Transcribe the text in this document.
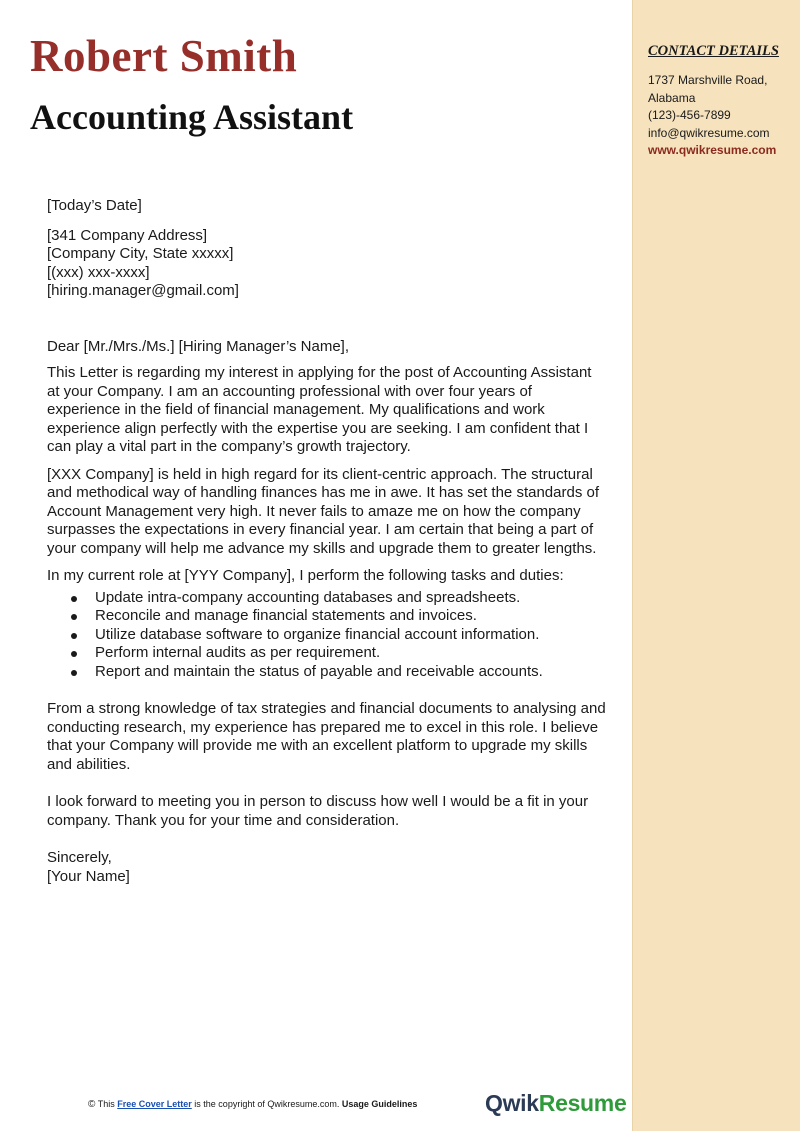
CONTACT DETAILS
1737 Marshville Road,
Alabama
(123)-456-7899
info@qwikresume.com
www.qwikresume.com
Robert Smith
Accounting Assistant

[Today’s Date]

[341 Company Address]
[Company City, State xxxxx]
[(xxx) xxx-xxxx]
[hiring.manager@gmail.com]

Dear [Mr./Mrs./Ms.] [Hiring Manager’s Name],

This Letter is regarding my interest in applying for the post of Accounting Assistant at your Company. I am an accounting professional with over four years of experience in the field of financial management. My qualifications and work experience align perfectly with the expertise you are seeking. I am confident that I can play a vital part in the company’s growth trajectory.

[XXX Company] is held in high regard for its client-centric approach. The structural and methodical way of handling finances has me in awe. It has set the standards of Account Management very high. It never fails to amaze me on how the company surpasses the expectations in every financial year. I am certain that being a part of your company will help me advance my skills and upgrade them to greater lengths.

In my current role at [YYY Company], I perform the following tasks and duties:

Update intra-company accounting databases and spreadsheets.
Reconcile and manage financial statements and invoices.
Utilize database software to organize financial account information.
Perform internal audits as per requirement.
Report and maintain the status of payable and receivable accounts.

From a strong knowledge of tax strategies and financial documents to analysing and conducting research, my experience has prepared me to excel in this role. I believe that your Company will provide me with an excellent platform to upgrade my skills and abilities.

I look forward to meeting you in person to discuss how well I would be a fit in your company. Thank you for your time and consideration.

Sincerely,

[Your Name]

© This Free Cover Letter is the copyright of Qwikresume.com. Usage Guidelines	QwikResume
